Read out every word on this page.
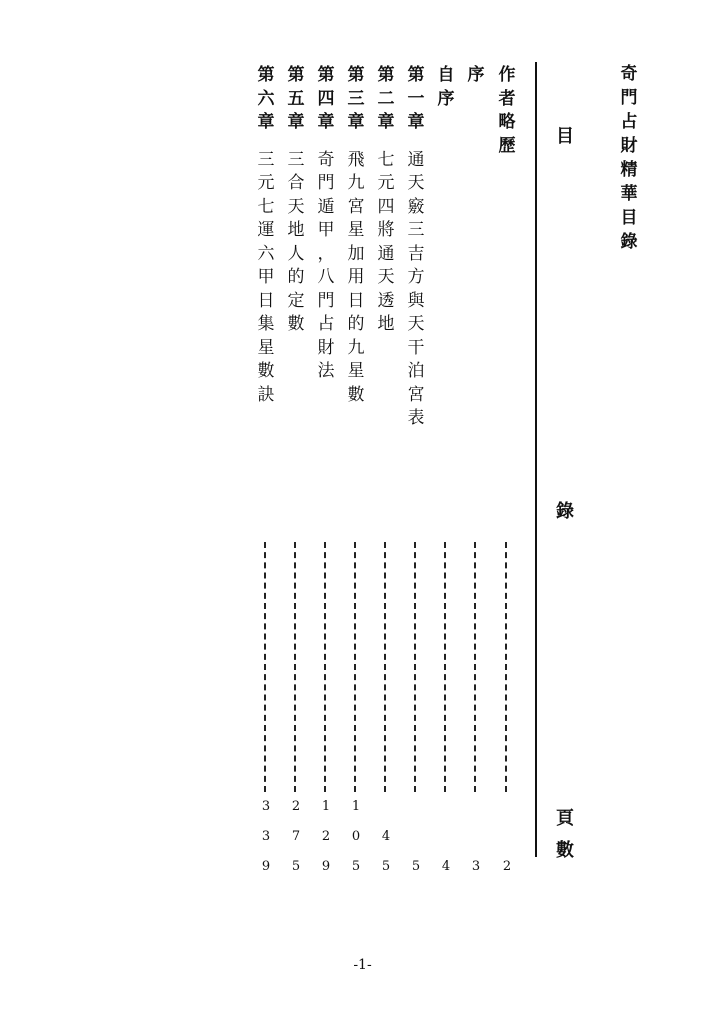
奇
門
占
財
精
華
目
錄
目
錄
頁
數
作
者
略
歷
2
序
3
自
序
4
第
一
章
通
天
竅
三
吉
方
與
天
干
泊
宮
表
5
第
二
章
七
元
四
將
通
天
透
地
4
5
第
三
章
飛
九
宮
星
加
用
日
的
九
星
數
1
0
5
第
四
章
奇
門
遁
甲
，
八
門
占
財
法
1
2
9
第
五
章
三
合
天
地
人
的
定
數
2
7
5
第
六
章
三
元
七
運
六
甲
日
集
星
數
訣
3
3
9
-1-
